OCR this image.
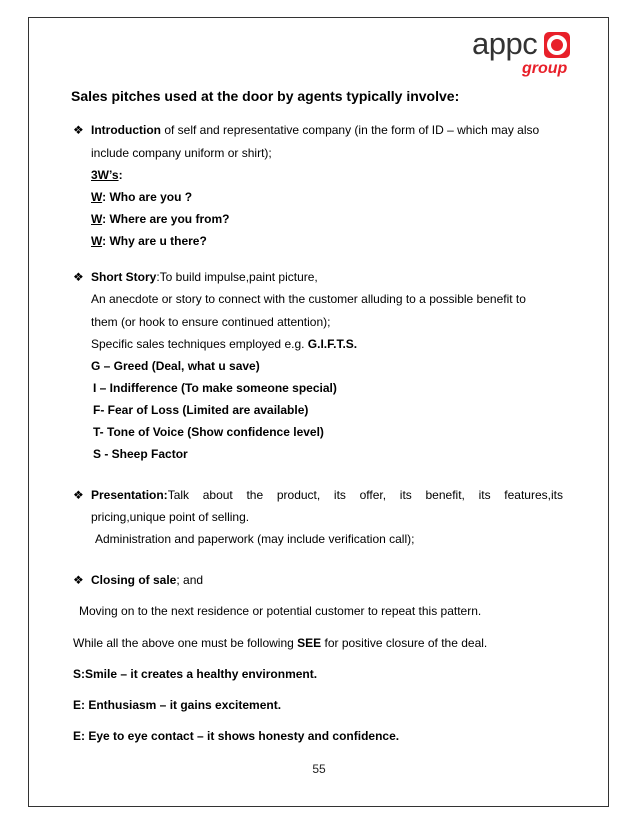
appc
group
Sales pitches used at the door by agents typically involve:
❖ Introduction of self and representative company (in the form of ID – which may also
include company uniform or shirt);
3W’s:
W: Who are you ?
W: Where are you from?
W: Why are u there?
❖ Short Story:To build impulse,paint picture,
An anecdote or story to connect with the customer alluding to a possible benefit to
them (or hook to ensure continued attention);
Specific sales techniques employed e.g. G.I.F.T.S.
G – Greed (Deal, what u save)
I – Indifference (To make someone special)
F- Fear of Loss (Limited are available)
T- Tone of Voice (Show confidence level)
S - Sheep Factor
❖ Presentation:Talk about the product, its offer, its benefit, its features,its
pricing,unique point of selling.
Administration and paperwork (may include verification call);
❖ Closing of sale; and
Moving on to the next residence or potential customer to repeat this pattern.
While all the above one must be following SEE for positive closure of the deal.
S:Smile – it creates a healthy environment.
E: Enthusiasm – it gains excitement.
E: Eye to eye contact – it shows honesty and confidence.
55
